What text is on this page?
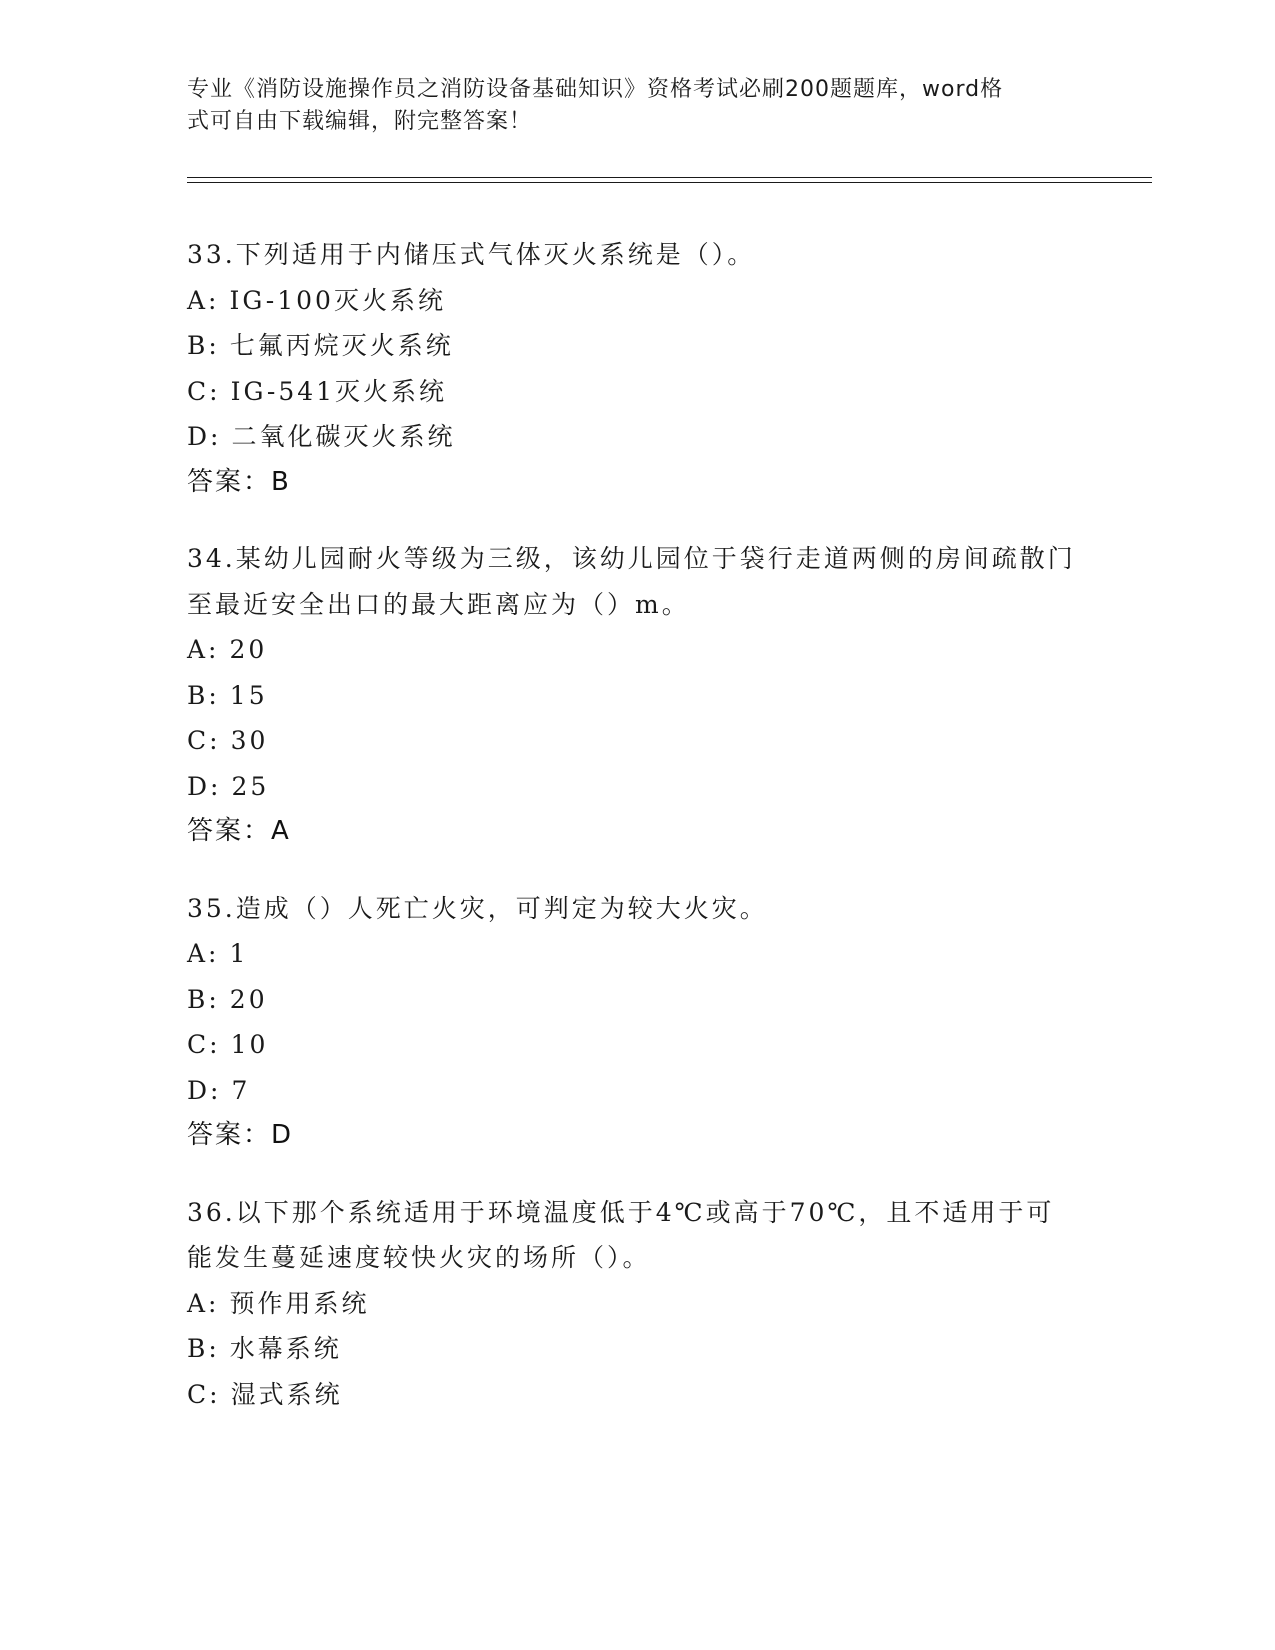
专业《消防设施操作员之消防设备基础知识》资格考试必刷200题题库，word格
式可自由下载编辑，附完整答案！
33.下列适用于内储压式气体灭火系统是（）。
A: IG-100灭火系统
B: 七氟丙烷灭火系统
C: IG-541灭火系统
D: 二氧化碳灭火系统
答案：B
34.某幼儿园耐火等级为三级，该幼儿园位于袋行走道两侧的房间疏散门至最近安全出口的最大距离应为（）m。
A: 20
B: 15
C: 30
D: 25
答案：A
35.造成（）人死亡火灾，可判定为较大火灾。
A: 1
B: 20
C: 10
D: 7
答案：D
36.以下那个系统适用于环境温度低于4℃或高于70℃，且不适用于可能发生蔓延速度较快火灾的场所（）。
A: 预作用系统
B: 水幕系统
C: 湿式系统
